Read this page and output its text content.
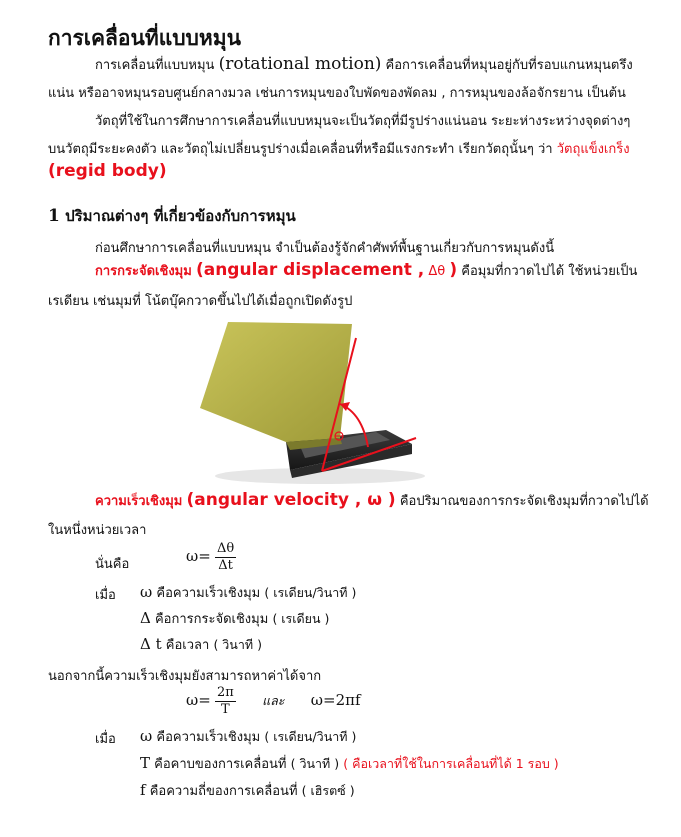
การเคลื่อนที่แบบหมุน
การเคลื่อนที่แบบหมุน (rotational motion) คือการเคลื่อนที่หมุนอยู่กับที่รอบแกนหมุนตรึง
แน่น หรืออาจหมุนรอบศูนย์กลางมวล เช่นการหมุนของใบพัดของพัดลม , การหมุนของล้อจักรยาน เป็นต้น
วัตถุที่ใช้ในการศึกษาการเคลื่อนที่แบบหมุนจะเป็นวัตถุที่มีรูปร่างแน่นอน ระยะห่างระหว่างจุดต่างๆ
บนวัตถุมีระยะคงตัว และวัตถุไม่เปลี่ยนรูปร่างเมื่อเคลื่อนที่หรือมีแรงกระทำ เรียกวัตถุนั้นๆ ว่า วัตถุแข็งเกร็ง
(regid body)
1 ปริมาณต่างๆ ที่เกี่ยวข้องกับการหมุน
ก่อนศึกษาการเคลื่อนที่แบบหมุน จำเป็นต้องรู้จักคำศัพท์พื้นฐานเกี่ยวกับการหมุนดังนี้
การกระจัดเชิงมุม (angular displacement , Δθ ) คือมุมที่กวาดไปได้ ใช้หน่วยเป็น
เรเดียน เช่นมุมที่ โน้ตบุ๊คกวาดขึ้นไปได้เมื่อถูกเปิดดังรูป
ความเร็วเชิงมุม (angular velocity , ω ) คือปริมาณของการกระจัดเชิงมุมที่กวาดไปได้
ในหนึ่งหน่วยเวลา
นั่นคือ	$\omega= \frac{\Delta\theta}{\Delta t}$
เมื่อ ω คือความเร็วเชิงมุม ( เรเดียน/วินาที )
Δ คือการกระจัดเชิงมุม ( เรเดียน )
Δ t คือเวลา ( วินาที )
นอกจากนี้ความเร็วเชิงมุมยังสามารถหาค่าได้จาก
$\omega= \frac{2\pi}{T}$ และ ω=2πf
เมื่อ ω คือความเร็วเชิงมุม ( เรเดียน/วินาที )
T คือคาบของการเคลื่อนที่ ( วินาที ) ( คือเวลาที่ใช้ในการเคลื่อนที่ได้ 1 รอบ )
f คือความถี่ของการเคลื่อนที่ ( เฮิรตซ์ )
